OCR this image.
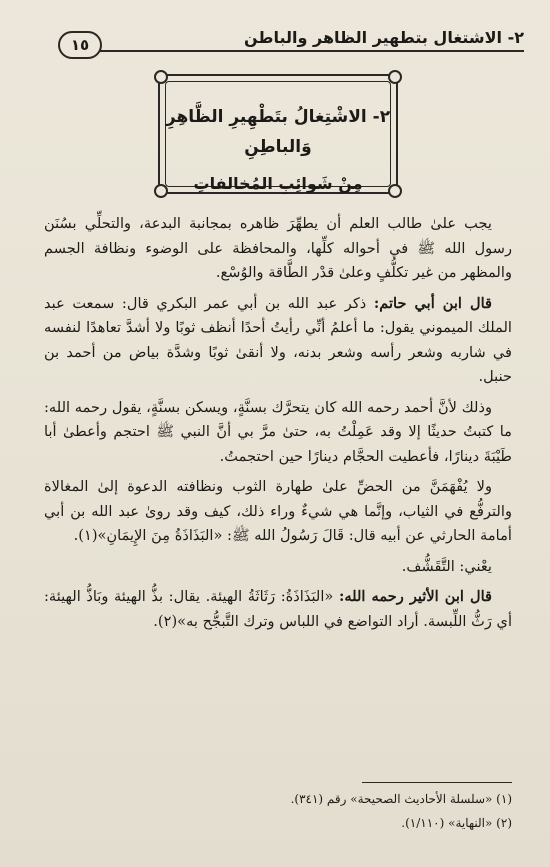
٢- الاشتغال بتطهير الظاهر والباطن
١٥
٢- الاشْتِغالُ بتَطْهِيرِ الظَّاهِرِ وَالباطِنِ
مِنْ شَوائِبِ المُخالفاتِ

يجب علىٰ طالب العلم أن يطهِّرَ ظاهره بمجانبة البدعة، والتحلِّي بسُنَن رسول الله ﷺ في أحواله كلِّها، والمحافظة على الوضوء ونظافة الجسم والمظهر من غير تكلُّفٍ وعلىٰ قدْر الطَّاقة والوُسْع.

قال ابن أبي حاتم: ذكر عبد الله بن أبي عمر البكري قال: سمعت عبد الملك الميموني يقول: ما أعلمُ أنِّي رأيتُ أحدًا أنظف ثوبًا ولا أشدَّ تعاهدًا لنفسه في شاربه وشعر رأسه وشعر بدنه، ولا أنقىٰ ثوبًا وشدَّة بياض من أحمد بن حنبل.

وذلك لأنَّ أحمد رحمه الله كان يتحرَّك بسنَّةٍ، ويسكن بسنَّةٍ، يقول رحمه الله: ما كتبتُ حديثًا إلا وقد عَمِلْتُ به، حتىٰ مرَّ بي أنَّ النبي ﷺ احتجم وأعطىٰ أبا طَيْبَةَ دينارًا، فأعطيت الحجَّام دينارًا حين احتجمتُ.

ولا يُفْهَمَنَّ من الحضِّ علىٰ طهارة الثوب ونظافته الدعوة إلىٰ المغالاة والترفُّع في الثياب، وإنَّما هي شيءٌ وراء ذلك، كيف وقد روىٰ عبد الله بن أبي أمامة الحارثي عن أبيه قال: قَالَ رَسُولُ الله ﷺ: «البَذَاذَةُ مِنَ الإِيمَانِ»(١).

يعْني: التَّقَشُّف.

قال ابن الأثير رحمه الله: «البَذَاذَةُ: رَثَاثَةُ الهيئة. يقال: بذُّ الهيئة وبَاذُّ الهيئة: أي رَثُّ اللِّبسة. أراد التواضع في اللباس وترك التَّبجُّح به»(٢).

(١) «سلسلة الأحاديث الصحيحة» رقم (٣٤١).
(٢) «النهاية» (١/١١٠).
